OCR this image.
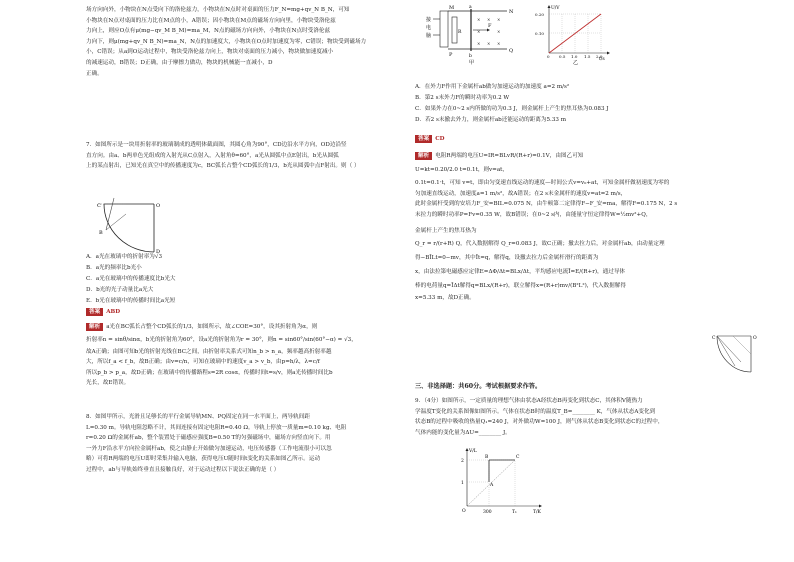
场方向向外，小物块在N点受向下的洛伦兹力，小物块在N点时对桌面的压力F_N=mg+qv_N B_N，可知

小物块在N点对桌面的压力比在M点的小，A错误；因小物块在M点的磁场方向向里，小物块受洛伦兹

力向上，则应O点有μ(mg−qv_M B_M)=ma_M，N点的磁场方向向外，小物块在N点时受洛伦兹

力向下，则μ(mg+qv_N B_N)=ma_N，N点的加速度大，小物块在O点时加速度为零，C错误；物块受到磁场力

小，C错误；从a到O运动过程中，物块受洛伦兹力向上，物块对桌面的压力减小，物块做加速度减小

的减速运动，B错误；D正确，由于摩擦力做功，物块的机械能一直减小，D

正确。

7．如图所示是一块用折射率的玻璃制成的透明体截面图，其圆心角为90°，CD边沿水平方向，OD边沿竖

直方向。由a、b两单色光组成的入射光从C点射入，入射角θ=60°，a光从圆弧中点E射出，b光从圆弧

上的某点射出，已知光在真空中的传播速度为c，BC弧长占整个CD弧长的1/3，b光从圆弧中点F射出。则（ ）

C	O
B
D
A．a光在玻璃中的折射率为√3
B．a光的频率比b光小
C．a光在玻璃中的传播速度比b光大
D．b光的光子动量比a光大
E．b光在玻璃中的传播时间比a光短

答案 ABD

解析 a光在BC弧长占整个CD弧长的1/3，如图所示，故∠COE=30°，设其折射角为α，则

折射率n = sinθ/sinα，b光的折射角为60°，设a光的折射角为r = 30°，则n = sin60°/sin(60°−α) = √3，

故A正确；由图可知b光的折射光线在BC之间，由折射率关系式可知n_b > n_a，频率越高折射率越

大，所以f_a < f_b，故B正确；由v=c/n，可知在玻璃中的速度v_a > v_b，由p=h/λ，λ=c/f

所以p_b > p_a，故D正确；在玻璃中的传播路程s=2R cosα，传播时间t=s/v，则a光传播时间比b

光长，故E错误。

8．如图甲所示，光滑且足够长的平行金属导轨MN、PQ固定在同一水平面上，两导轨间距

L=0.30 m。导轨电阻忽略不计，其间连接有固定电阻R=0.40 Ω。导轨上停放一质量m=0.10 kg、电阻

r=0.20 Ω的金属杆ab，整个装置处于磁感应强度B=0.50 T的匀强磁场中，磁场方向竖直向下。用

一外力F沿水平方向拉金属杆ab，使之由静止开始做匀加速运动，电压传感器（工作电流很小可以忽

略）可将R两端的电压U即时采集并输入电脑，获得电压U随时间t变化的关系如图乙所示。运动

过程中，ab与导轨始终垂直且接触良好，对于运动过程以下说法正确的是（ ）

接
电
脑
× × ×
×	×
× × ×
F
M
N
P
Q
a
b
R
甲
U/V
t/s
0.20
0.10
0 0.5 1.0 1.5 2.0
乙
A．在外力F作用下金属杆ab做匀加速运动的加速度 a=2 m/s²
B．第2 s末外力F的瞬时功率为0.2 W
C．如果外力在0~2 s内所做的功为0.3 J，则金属杆上产生的焦耳热为0.083 J
D．若2 s末撤去外力，则金属杆ab还能运动的距离为5.33 m

答案 CD

解析 电阻R两端的电压U=IR=BLvR/(R+r)=0.1V，由图乙可知

U=kt=0.20/2.0 t=0.1t，则v=at，

0.1t=0.1·t，可知 v=t，即由匀变速直线运动的速度—时间公式v=v₀+at，可知金属杆做初速度为零的

匀加速直线运动，加速度a=1 m/s²，故A错误；在2 s末金属杆的速度v=at=2 m/s，

此时金属杆受到的安培力F_安=BIL=0.075 N，由牛顿第二定律得F−F_安=ma，解得F=0.175 N，2 s

末拉力的瞬时功率P=Fv=0.35 W，故B错误；在0~2 s内，由能量守恒定律得W=½mv²+Q，

金属杆上产生的焦耳热为

Q_r = r/(r+R) Q，代入数据解得 Q_r=0.083 J，故C正确；撤去拉力后，对金属杆ab，由动量定理

得−BĪLt=0−mv，其中Īt=q，解得q，设撤去拉力后金属杆滑行的距离为

x，由法拉第电磁感应定律E=ΔΦ/Δt=BLx/Δt，平均感应电流Ī=E/(R+r)，通过导体

棒的电荷量q=ĪΔt解得q=BLx/(R+r)，联立解得x=(R+r)mv/(B²L²)，代入数据解得

x=5.33 m，故D正确。

C	O
三、非选择题：共60分。考试根据要求作答。

9．（4分）如图所示，一定质量的理想气体由状态A经状态B再变化到状态C，其体积V随热力

学温度T变化的关系图像如图所示。气体在状态B时的温度T_B=________ K，气体从状态A变化到

状态B的过程中吸收的热量Q₁=240 J，对外做功W=100 J，则气体从状态B变化到状态C的过程中，

气体内能的变化量为ΔU=________ J。

V/L
T/K
2
1
300	T₁
A
B	C
O
